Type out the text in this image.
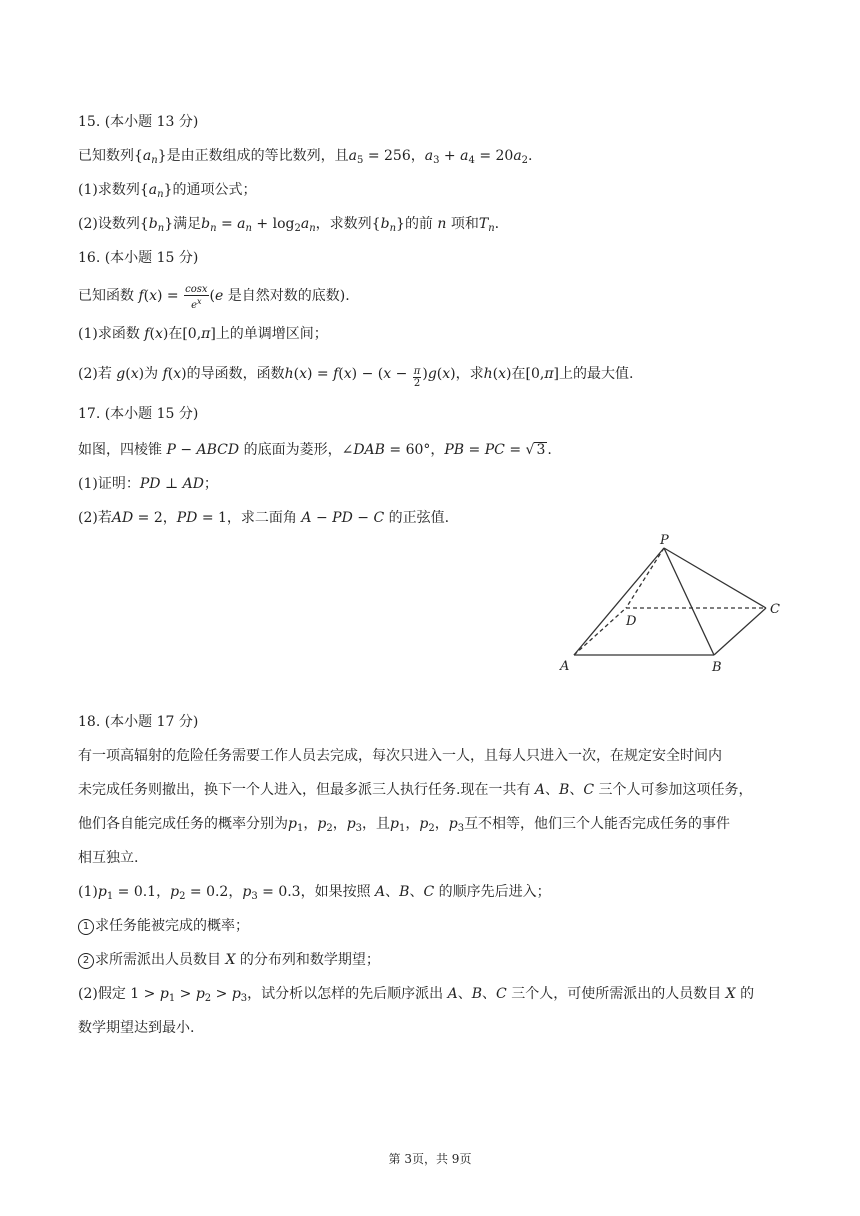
15. (本小题 13 分)
已知数列$\{a_n\}$是由正数组成的等比数列，且$a_5 = 256$，$a_3 + a_4 = 20a_2$.
(1)求数列$\{a_n\}$的通项公式；
(2)设数列$\{b_n\}$满足$b_n = a_n + \log_2a_n$，求数列$\{b_n\}$的前 n 项和$T_n$.
16. (本小题 15 分)
已知函数 $f(x) = \frac{\cos x}{e^x} (e$ 是自然对数的底数).
(1)求函数 f(x)在[0,π]上的单调增区间；
(2)若 g(x)为 f(x)的导函数，函数$h(x) = f(x) - (x - \frac{\pi}{2} )g(x)$，求h(x)在[0,π]上的最大值.
17. (本小题 15 分)
如图，四棱锥 P − ABCD 的底面为菱形，∠DAB = 60°，PB = PC = √ 3 .
(1)证明：PD ⊥ AD；
(2)若AD = 2，PD = 1，求二面角 A − PD − C 的正弦值.
P
D
C
A	B
18. (本小题 17 分)
有一项高辐射的危险任务需要工作人员去完成，每次只进入一人，且每人只进入一次，在规定安全时间内
未完成任务则撤出，换下一个人进入，但最多派三人执行任务.现在一共有 A、B、C 三个人可参加这项任务，
他们各自能完成任务的概率分别为$p_1$，$p_2$，$p_3$，且$p_1$，$p_2$，$p_3$互不相等，他们三个人能否完成任务的事件
相互独立.
$(1)p_1 = 0.1$，$p_2 = 0.2$，$p_3 = 0.3$，如果按照 A、B、C 的顺序先后进入；
1 求任务能被完成的概率；
2 求所需派出人员数目 X 的分布列和数学期望；
(2)假定 $1 > p_1 > p_2 > p_3$，试分析以怎样的先后顺序派出 A、B、C 三个人，可使所需派出的人员数目 X 的
数学期望达到最小.
第 3页，共 9页
